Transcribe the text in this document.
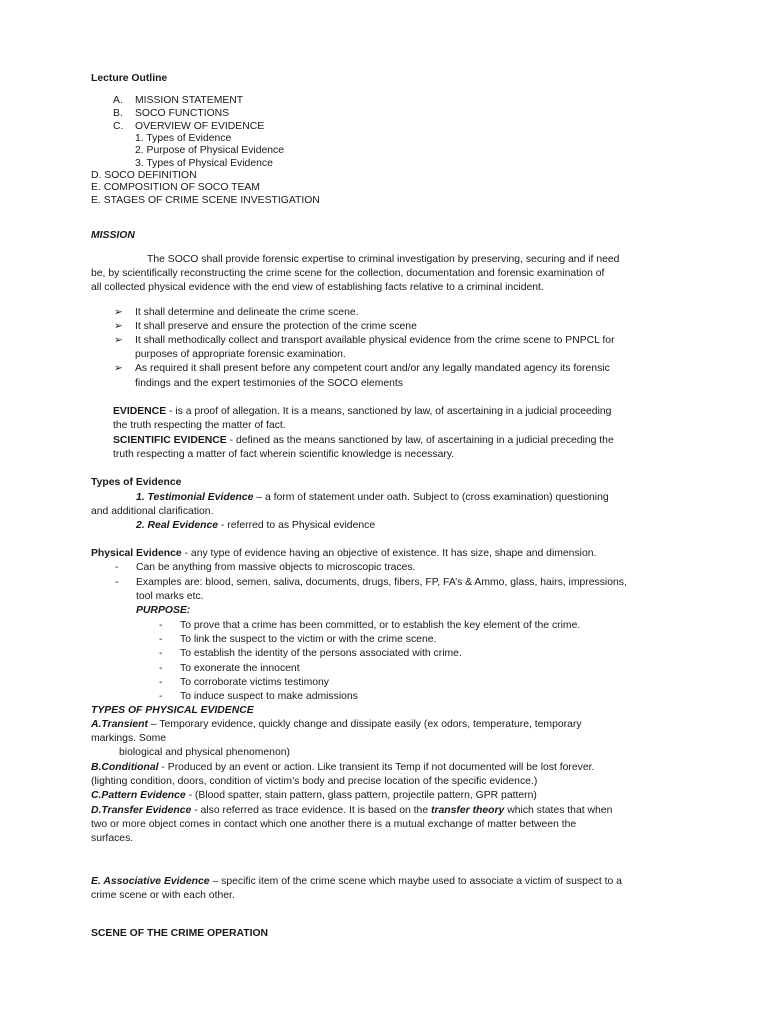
Lecture Outline
A. MISSION STATEMENT
B. SOCO FUNCTIONS
C. OVERVIEW OF EVIDENCE
1. Types of Evidence
2. Purpose of Physical Evidence
3. Types of Physical Evidence
D. SOCO DEFINITION
E. COMPOSITION OF SOCO TEAM
E. STAGES OF CRIME SCENE INVESTIGATION
MISSION
The SOCO shall provide forensic expertise to criminal investigation by preserving, securing and if need
be, by scientifically reconstructing the crime scene for the collection, documentation and forensic examination of
all collected physical evidence with the end view of establishing facts relative to a criminal incident.
➢ It shall determine and delineate the crime scene.
➢ It shall preserve and ensure the protection of the crime scene
➢ It shall methodically collect and transport available physical evidence from the crime scene to PNPCL for
purposes of appropriate forensic examination.
➢ As required it shall present before any competent court and/or any legally mandated agency its forensic
findings and the expert testimonies of the SOCO elements
EVIDENCE - is a proof of allegation. It is a means, sanctioned by law, of ascertaining in a judicial proceeding
the truth respecting the matter of fact.
SCIENTIFIC EVIDENCE - defined as the means sanctioned by law, of ascertaining in a judicial preceding the
truth respecting a matter of fact wherein scientific knowledge is necessary.
Types of Evidence
1. Testimonial Evidence – a form of statement under oath. Subject to (cross examination) questioning
and additional clarification.
2. Real Evidence - referred to as Physical evidence
Physical Evidence - any type of evidence having an objective of existence. It has size, shape and dimension.
- Can be anything from massive objects to microscopic traces.
- Examples are: blood, semen, saliva, documents, drugs, fibers, FP, FA’s & Ammo, glass, hairs, impressions,
tool marks etc.
PURPOSE:
- To prove that a crime has been committed, or to establish the key element of the crime.
- To link the suspect to the victim or with the crime scene.
- To establish the identity of the persons associated with crime.
- To exonerate the innocent
- To corroborate victims testimony
- To induce suspect to make admissions
TYPES OF PHYSICAL EVIDENCE
A.Transient – Temporary evidence, quickly change and dissipate easily (ex odors, temperature, temporary
markings. Some
biological and physical phenomenon)
B.Conditional - Produced by an event or action. Like transient its Temp if not documented will be lost forever.
(lighting condition, doors, condition of victim’s body and precise location of the specific evidence.)
C.Pattern Evidence - (Blood spatter, stain pattern, glass pattern, projectile pattern, GPR pattern)
D.Transfer Evidence - also referred as trace evidence. It is based on the transfer theory which states that when
two or more object comes in contact which one another there is a mutual exchange of matter between the
surfaces.
E. Associative Evidence – specific item of the crime scene which maybe used to associate a victim of suspect to a
crime scene or with each other.
SCENE OF THE CRIME OPERATION
